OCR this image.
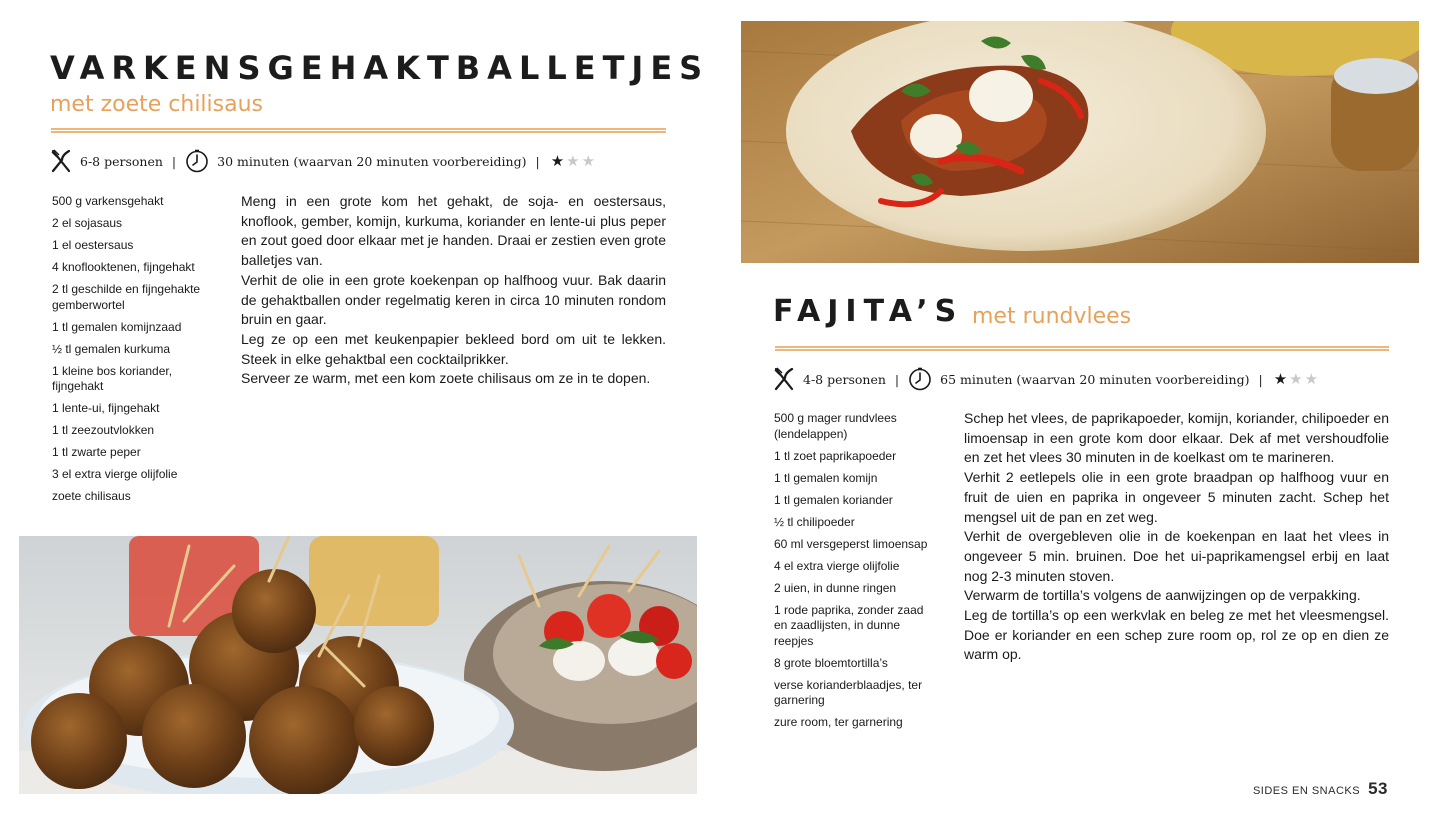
VARKENSGEHAKTBALLETJES
met zoete chilisaus
6-8 personen |	30 minuten (waarvan 20 minuten voorbereiding) | ★ ★ ★
500 g varkensgehakt
2 el sojasaus
1 el oestersaus
4 knoflooktenen, fijngehakt
2 tl geschilde en fijngehakte gemberwortel
1 tl gemalen komijnzaad
½ tl gemalen kurkuma
1 kleine bos koriander, fijngehakt
1 lente-ui, fijngehakt
1 tl zeezoutvlokken
1 tl zwarte peper
3 el extra vierge olijfolie
zoete chilisaus

Meng in een grote kom het gehakt, de soja- en oestersaus, knoflook, gember, komijn, kurkuma, koriander en lente-ui plus peper en zout goed door elkaar met je handen. Draai er zestien even grote balletjes van.

Verhit de olie in een grote koekenpan op halfhoog vuur. Bak daarin de gehaktballen onder regelmatig keren in circa 10 minuten rondom bruin en gaar.

Leg ze op een met keukenpapier bekleed bord om uit te lekken. Steek in elke gehaktbal een cocktailprikker.

Serveer ze warm, met een kom zoete chilisaus om ze in te dopen.

FAJITA’S met rundvlees
4-8 personen |	65 minuten (waarvan 20 minuten voorbereiding) | ★ ★ ★
500 g mager rundvlees (lendelappen)
1 tl zoet paprikapoeder
1 tl gemalen komijn
1 tl gemalen koriander
½ tl chilipoeder
60 ml versgeperst limoensap
4 el extra vierge olijfolie
2 uien, in dunne ringen
1 rode paprika, zonder zaad en zaadlijsten, in dunne reepjes
8 grote bloemtortilla’s
verse korianderblaadjes, ter garnering
zure room, ter garnering

Schep het vlees, de paprikapoeder, komijn, koriander, chilipoeder en limoensap in een grote kom door elkaar. Dek af met vershoudfolie en zet het vlees 30 minuten in de koelkast om te marineren.

Verhit 2 eetlepels olie in een grote braadpan op halfhoog vuur en fruit de uien en paprika in ongeveer 5 minuten zacht. Schep het mengsel uit de pan en zet weg.

Verhit de overgebleven olie in de koekenpan en laat het vlees in ongeveer 5 min. bruinen. Doe het ui-paprikamengsel erbij en laat nog 2-3 minuten stoven.

Verwarm de tortilla’s volgens de aanwijzingen op de verpakking.

Leg de tortilla’s op een werkvlak en beleg ze met het vleesmengsel. Doe er koriander en een schep zure room op, rol ze op en dien ze warm op.

SIDES EN SNACKS 53
